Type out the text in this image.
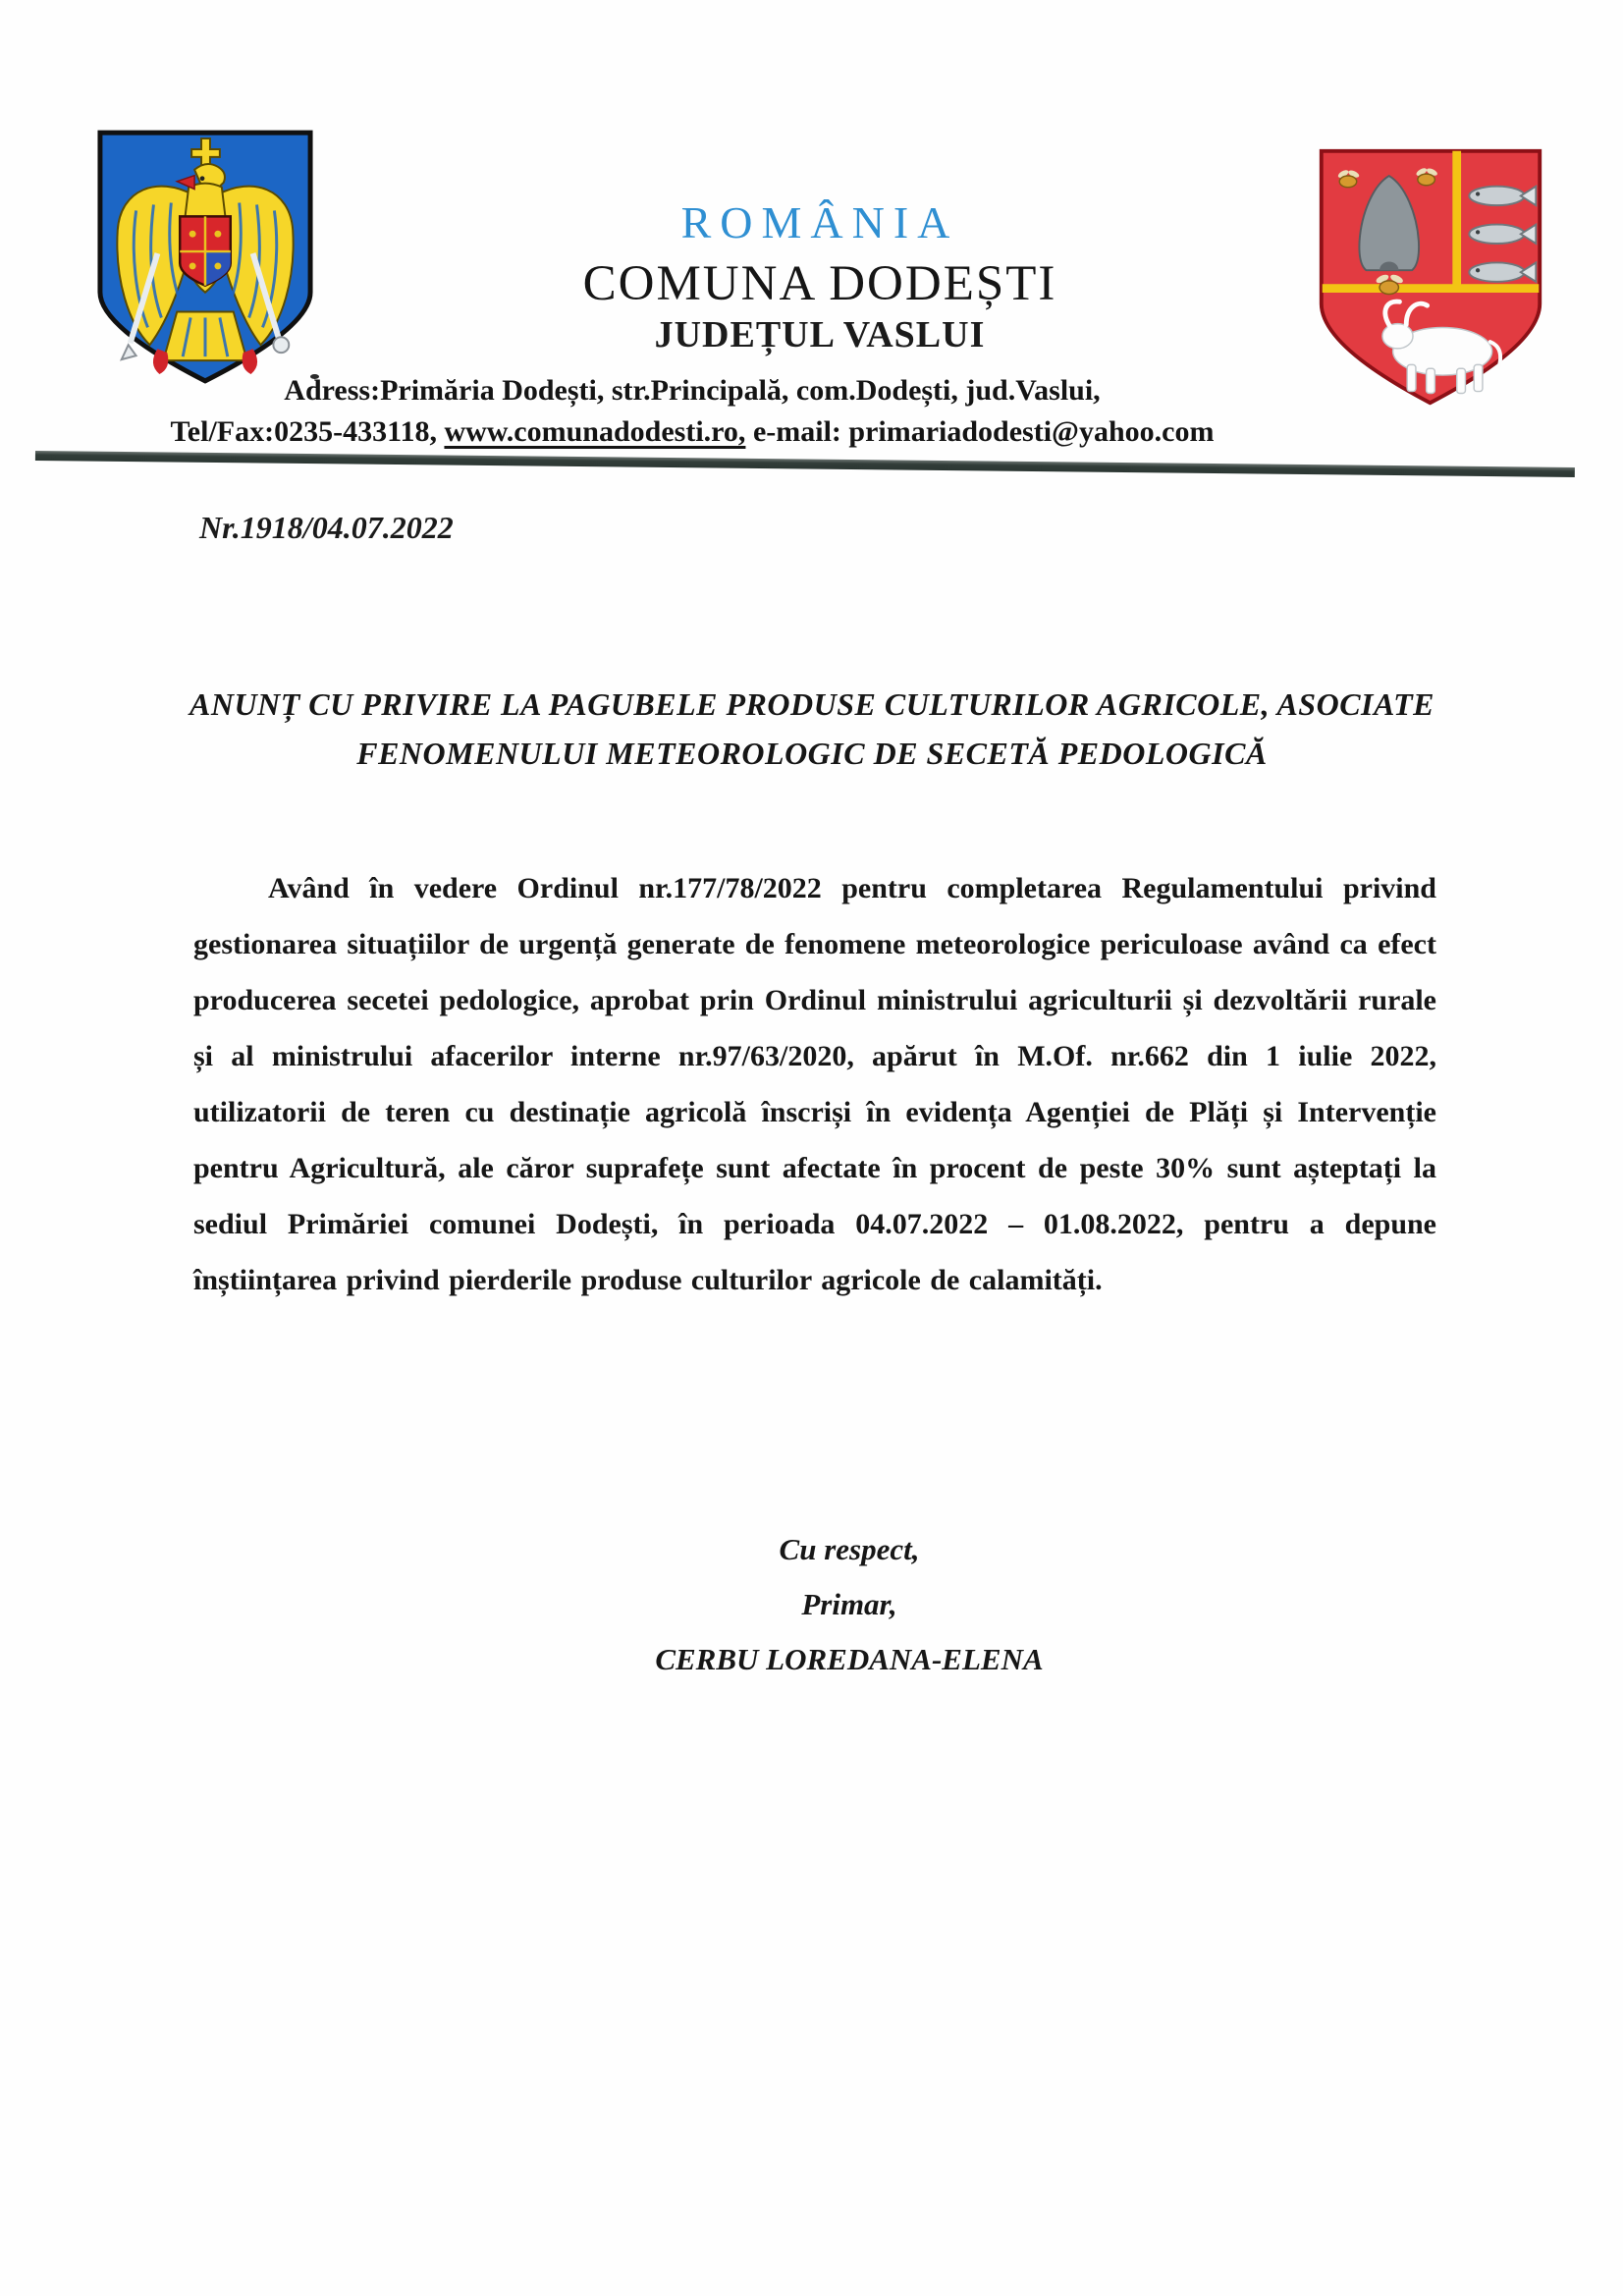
ROMÂNIA
COMUNA DODEȘTI
JUDEȚUL VASLUI
Adress:Primăria Dodești, str.Principală, com.Dodești, jud.Vaslui,
Tel/Fax:0235-433118, www.comunadodesti.ro, e-mail: primariadodesti@yahoo.com
Nr.1918/04.07.2022
ANUNȚ CU PRIVIRE LA PAGUBELE PRODUSE CULTURILOR AGRICOLE, ASOCIATE
FENOMENULUI METEOROLOGIC DE SECETĂ PEDOLOGICĂ
Având în vedere Ordinul nr.177/78/2022 pentru completarea Regulamentului privind gestionarea situațiilor de urgență generate de fenomene meteorologice periculoase având ca efect producerea secetei pedologice, aprobat prin Ordinul ministrului agriculturii și dezvoltării rurale și al ministrului afacerilor interne nr.97/63/2020, apărut în M.Of. nr.662 din 1 iulie 2022, utilizatorii de teren cu destinație agricolă înscriși în evidența Agenției de Plăți și Intervenție pentru Agricultură, ale căror suprafețe sunt afectate în procent de peste 30% sunt așteptați la sediul Primăriei comunei Dodești, în perioada 04.07.2022 – 01.08.2022, pentru a depune înștiințarea privind pierderile produse culturilor agricole de calamități.
Cu respect,
Primar,
CERBU LOREDANA-ELENA
